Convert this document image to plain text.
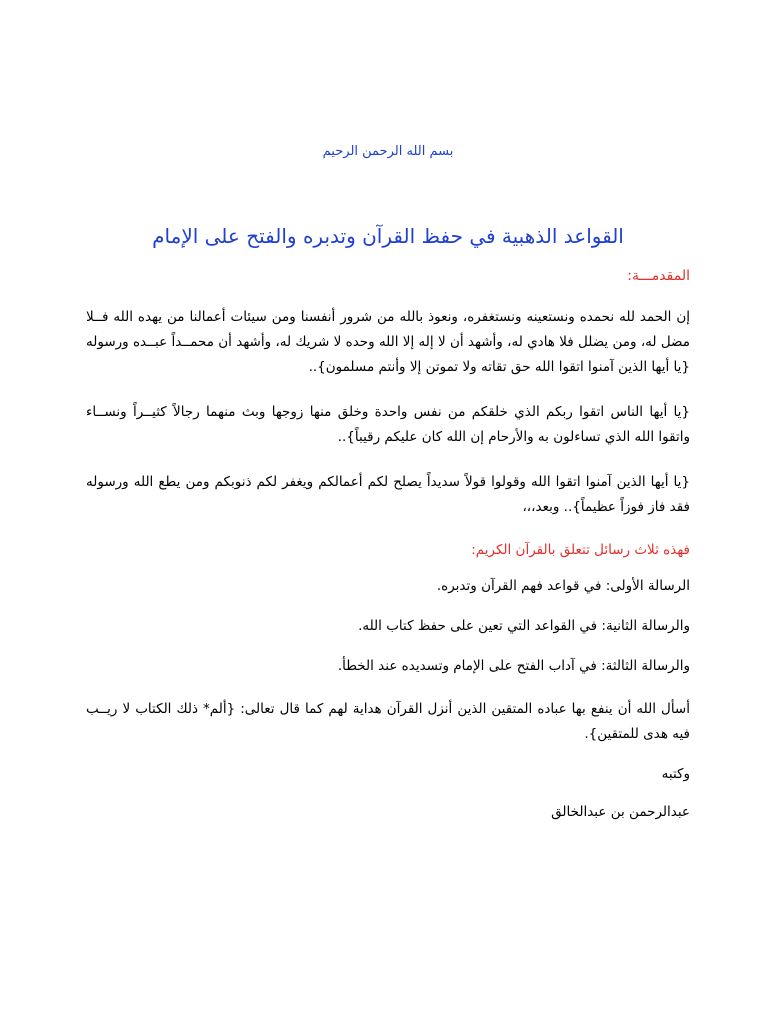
بسم الله الرحمن الرحيم
القواعد الذهبية في حفظ القرآن وتدبره والفتح على الإمام
المقدمـــة:
إن الحمد لله نحمده ونستعينه ونستغفره، ونعوذ بالله من شرور أنفسنا ومن سيئات أعمالنا من يهده الله فــلا مضل له، ومن يضلل فلا هادي له، وأشهد أن لا إله إلا الله وحده لا شريك له، وأشهد أن محمــداً عبــده ورسوله {يا أيها الذين آمنوا اتقوا الله حق تقاته ولا تموتن إلا وأنتم مسلمون}..
{يا أيها الناس اتقوا ربكم الذي خلقكم من نفس واحدة وخلق منها زوجها وبث منهما رجالاً كثيــراً ونســاء واتقوا الله الذي تساءلون به والأرحام إن الله كان عليكم رقيباً}..
{يا أيها الذين آمنوا اتقوا الله وقولوا قولاً سديداً يصلح لكم أعمالكم ويغفر لكم ذنوبكم ومن يطع الله ورسوله فقد فاز فوزاً عظيماً}.. وبعد،،،
فهذه ثلاث رسائل تتعلق بالقرآن الكريم:
الرسالة الأولى: في قواعد فهم القرآن وتدبره.
والرسالة الثانية: في القواعد التي تعين على حفظ كتاب الله.
والرسالة الثالثة: في آداب الفتح على الإمام وتسديده عند الخطأ.
أسأل الله أن ينفع بها عباده المتقين الذين أنزل القرآن هداية لهم كما قال تعالى: {ألم* ذلك الكتاب لا ريــب فيه هدى للمتقين}.
وكتبه
عبدالرحمن بن عبدالخالق
